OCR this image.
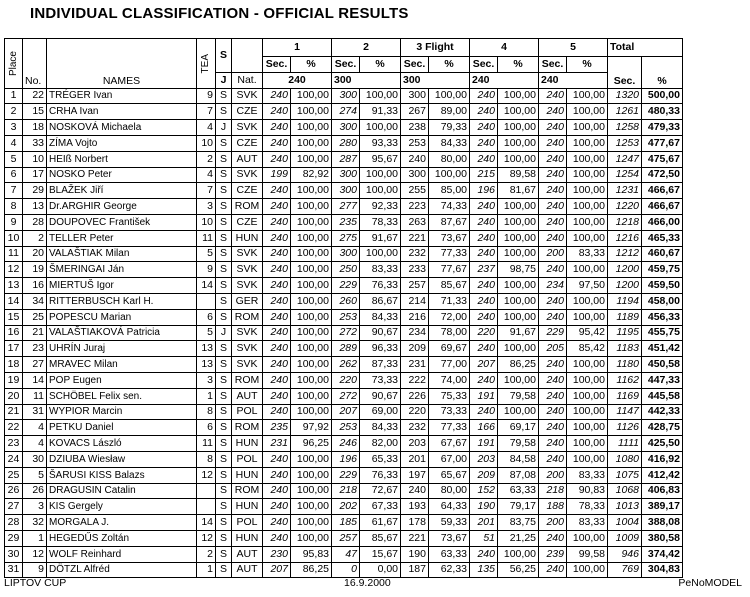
INDIVIDUAL CLASSIFICATION - OFFICIAL RESULTS
Place	No.	NAMES	TEA	S		1		2		3 Flight		4		5		Total	
						Sec.	%	Sec.	%	Sec.	%	Sec.	%	Sec.	%	Sec.	%
				J	Nat.	240		300		300		240		240			
1	22	TRÉGER Ivan	9	S	SVK	240	100,00	300	100,00	300	100,00	240	100,00	240	100,00	1320	500,00
2	15	CRHA Ivan	7	S	CZE	240	100,00	274	91,33	267	89,00	240	100,00	240	100,00	1261	480,33
3	18	NOSKOVÁ Michaela	4	J	SVK	240	100,00	300	100,00	238	79,33	240	100,00	240	100,00	1258	479,33
4	33	ZÍMA Vojto	10	S	CZE	240	100,00	280	93,33	253	84,33	240	100,00	240	100,00	1253	477,67
5	10	HEIß Norbert	2	S	AUT	240	100,00	287	95,67	240	80,00	240	100,00	240	100,00	1247	475,67
6	17	NOSKO Peter	4	S	SVK	199	82,92	300	100,00	300	100,00	215	89,58	240	100,00	1254	472,50
7	29	BLAŽEK Jiří	7	S	CZE	240	100,00	300	100,00	255	85,00	196	81,67	240	100,00	1231	466,67
8	13	Dr.ARGHIR George	3	S	ROM	240	100,00	277	92,33	223	74,33	240	100,00	240	100,00	1220	466,67
9	28	DOUPOVEC František	10	S	CZE	240	100,00	235	78,33	263	87,67	240	100,00	240	100,00	1218	466,00
10	2	TELLER Peter	11	S	HUN	240	100,00	275	91,67	221	73,67	240	100,00	240	100,00	1216	465,33
11	20	VALAŠTIAK Milan	5	S	SVK	240	100,00	300	100,00	232	77,33	240	100,00	200	83,33	1212	460,67
12	19	ŠMERINGAI Ján	9	S	SVK	240	100,00	250	83,33	233	77,67	237	98,75	240	100,00	1200	459,75
13	16	MIERTUŠ Igor	14	S	SVK	240	100,00	229	76,33	257	85,67	240	100,00	234	97,50	1200	459,50
14	34	RITTERBUSCH Karl H.		S	GER	240	100,00	260	86,67	214	71,33	240	100,00	240	100,00	1194	458,00
15	25	POPESCU Marian	6	S	ROM	240	100,00	253	84,33	216	72,00	240	100,00	240	100,00	1189	456,33
16	21	VALAŠTIAKOVÁ Patricia	5	J	SVK	240	100,00	272	90,67	234	78,00	220	91,67	229	95,42	1195	455,75
17	23	UHRÍN Juraj	13	S	SVK	240	100,00	289	96,33	209	69,67	240	100,00	205	85,42	1183	451,42
18	27	MRAVEC Milan	13	S	SVK	240	100,00	262	87,33	231	77,00	207	86,25	240	100,00	1180	450,58
19	14	POP Eugen	3	S	ROM	240	100,00	220	73,33	222	74,00	240	100,00	240	100,00	1162	447,33
20	11	SCHÖBEL Felix sen.	1	S	AUT	240	100,00	272	90,67	226	75,33	191	79,58	240	100,00	1169	445,58
21	31	WYPIOR Marcin	8	S	POL	240	100,00	207	69,00	220	73,33	240	100,00	240	100,00	1147	442,33
22	4	PETKU Daniel	6	S	ROM	235	97,92	253	84,33	232	77,33	166	69,17	240	100,00	1126	428,75
23	4	KOVACS László	11	S	HUN	231	96,25	246	82,00	203	67,67	191	79,58	240	100,00	1111	425,50
24	30	DZIUBA Wiesław	8	S	POL	240	100,00	196	65,33	201	67,00	203	84,58	240	100,00	1080	416,92
25	5	ŠARUSI KISS Balazs	12	S	HUN	240	100,00	229	76,33	197	65,67	209	87,08	200	83,33	1075	412,42
26	26	DRAGUSIN Catalin		S	ROM	240	100,00	218	72,67	240	80,00	152	63,33	218	90,83	1068	406,83
27	3	KIS Gergely		S	HUN	240	100,00	202	67,33	193	64,33	190	79,17	188	78,33	1013	389,17
28	32	MORGALA J.	14	S	POL	240	100,00	185	61,67	178	59,33	201	83,75	200	83,33	1004	388,08
29	1	HEGEDŰS Zoltán	12	S	HUN	240	100,00	257	85,67	221	73,67	51	21,25	240	100,00	1009	380,58
30	12	WOLF Reinhard	2	S	AUT	230	95,83	47	15,67	190	63,33	240	100,00	239	99,58	946	374,42
31	9	DÖTZL Alfréd	1	S	AUT	207	86,25	0	0,00	187	62,33	135	56,25	240	100,00	769	304,83
LIPTOV CUP	16.9.2000	PeNoMODEL
